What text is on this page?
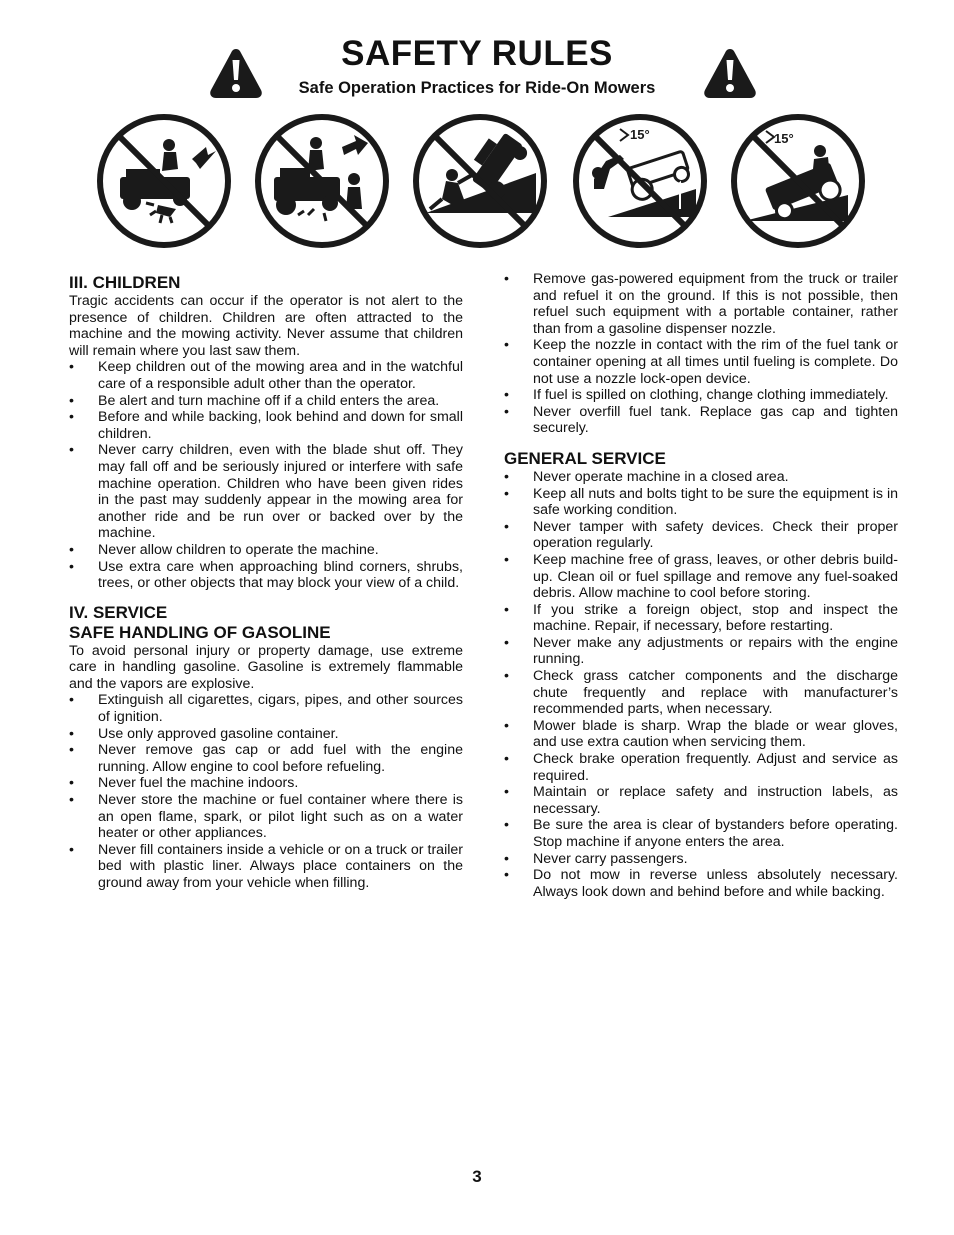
SAFETY RULES
Safe Operation Practices for Ride-On Mowers
15°	15°
III. CHILDREN

Tragic accidents can occur if the operator is not alert to the presence of children. Children are often attracted to the machine and the mowing activity. Never assume that children will remain where you last saw them.

• Keep children out of the mowing area and in the watchful care of a responsible adult other than the operator.
• Be alert and turn machine off if a child enters the area.
• Before and while backing, look behind and down for small children.
• Never carry children, even with the blade shut off. They may fall off and be seriously injured or interfere with safe machine operation. Children who have been given rides in the past may suddenly appear in the mowing area for another ride and be run over or backed over by the machine.
• Never allow children to operate the machine.
• Use extra care when approaching blind corners, shrubs, trees, or other objects that may block your view of a child.
IV. SERVICE
SAFE HANDLING OF GASOLINE

To avoid personal injury or property damage, use extreme care in handling gasoline. Gasoline is extremely flammable and the vapors are explosive.

• Extinguish all cigarettes, cigars, pipes, and other sources of ignition.
• Use only approved gasoline container.
• Never remove gas cap or add fuel with the engine running. Allow engine to cool before refueling.
• Never fuel the machine indoors.
• Never store the machine or fuel container where there is an open flame, spark, or pilot light such as on a water heater or other appliances.
• Never fill containers inside a vehicle or on a truck or trailer bed with plastic liner. Always place containers on the ground away from your vehicle when filling.
• Remove gas-powered equipment from the truck or trailer and refuel it on the ground. If this is not possible, then refuel such equipment with a portable container, rather than from a gasoline dispenser nozzle.
• Keep the nozzle in contact with the rim of the fuel tank or container opening at all times until fueling is complete. Do not use a nozzle lock-open device.
• If fuel is spilled on clothing, change clothing immediately.
• Never overfill fuel tank. Replace gas cap and tighten securely.
GENERAL SERVICE
• Never operate machine in a closed area.
• Keep all nuts and bolts tight to be sure the equipment is in safe working condition.
• Never tamper with safety devices. Check their proper operation regularly.
• Keep machine free of grass, leaves, or other debris build-up. Clean oil or fuel spillage and remove any fuel-soaked debris. Allow machine to cool before storing.
• If you strike a foreign object, stop and inspect the machine. Repair, if necessary, before restarting.
• Never make any adjustments or repairs with the engine running.
• Check grass catcher components and the discharge chute frequently and replace with manufacturer’s recommended parts, when necessary.
• Mower blade is sharp. Wrap the blade or wear gloves, and use extra caution when servicing them.
• Check brake operation frequently. Adjust and service as required.
• Maintain or replace safety and instruction labels, as necessary.
• Be sure the area is clear of bystanders before operating. Stop machine if anyone enters the area.
• Never carry passengers.
• Do not mow in reverse unless absolutely necessary. Always look down and behind before and while backing.
3
